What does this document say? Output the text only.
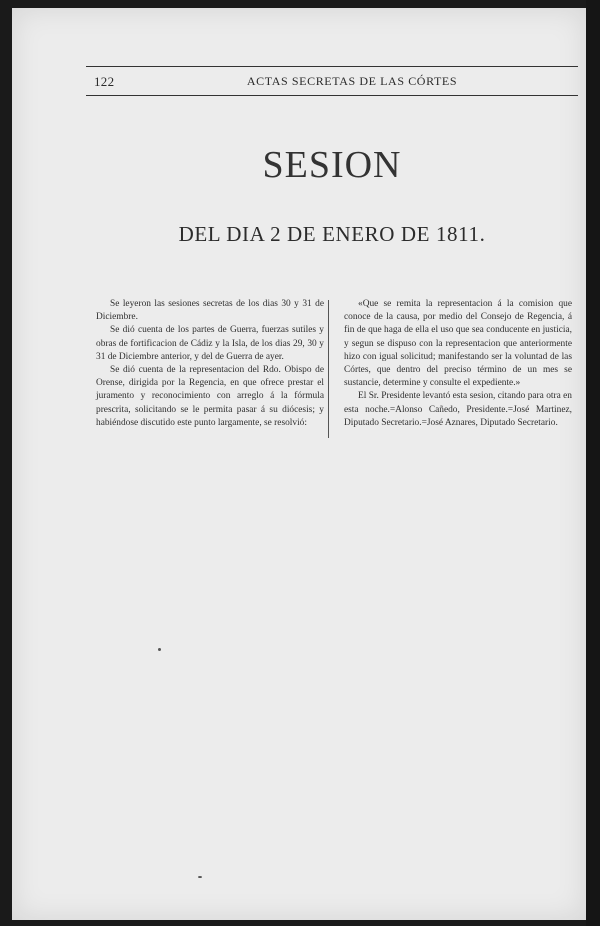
122	ACTAS SECRETAS DE LAS CÓRTES
SESION
DEL DIA 2 DE ENERO DE 1811.

Se leyeron las sesiones secretas de los dias 30 y 31 de Diciembre.

Se dió cuenta de los partes de Guerra, fuerzas sutiles y obras de fortificacion de Cádiz y la Isla, de los dias 29, 30 y 31 de Diciembre anterior, y del de Guerra de ayer.

Se dió cuenta de la representacion del Rdo. Obispo de Orense, dirigida por la Regencia, en que ofrece prestar el juramento y reconocimiento con arreglo á la fórmula prescrita, solicitando se le permita pasar á su diócesis; y habiéndose discutido este punto largamente, se resolvió:

«Que se remita la representacion á la comision que conoce de la causa, por medio del Consejo de Regencia, á fin de que haga de ella el uso que sea conducente en justicia, y segun se dispuso con la representacion que anteriormente hizo con igual solicitud; manifestando ser la voluntad de las Córtes, que dentro del preciso término de un mes se sustancie, determine y consulte el expediente.»

El Sr. Presidente levantó esta sesion, citando para otra en esta noche.=Alonso Cañedo, Presidente.=José Martinez, Diputado Secretario.=José Aznares, Diputado Secretario.
